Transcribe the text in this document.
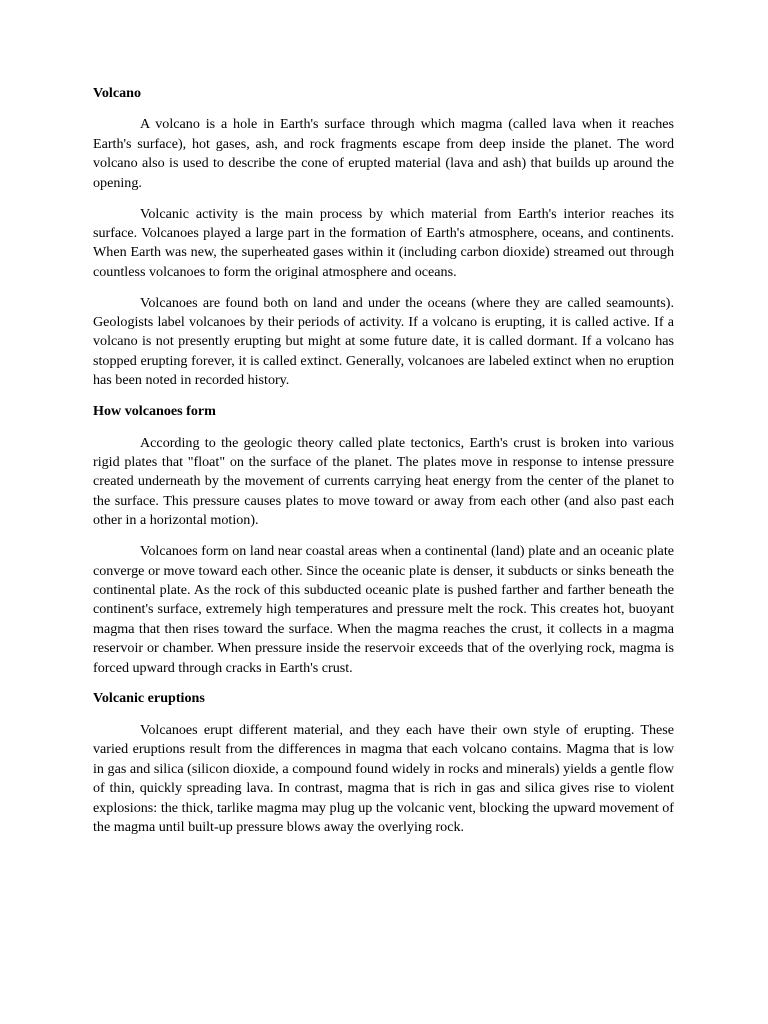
Volcano

A volcano is a hole in Earth's surface through which magma (called lava when it reaches Earth's surface), hot gases, ash, and rock fragments escape from deep inside the planet. The word volcano also is used to describe the cone of erupted material (lava and ash) that builds up around the opening.

Volcanic activity is the main process by which material from Earth's interior reaches its surface. Volcanoes played a large part in the formation of Earth's atmosphere, oceans, and continents. When Earth was new, the superheated gases within it (including carbon dioxide) streamed out through countless volcanoes to form the original atmosphere and oceans.

Volcanoes are found both on land and under the oceans (where they are called seamounts). Geologists label volcanoes by their periods of activity. If a volcano is erupting, it is called active. If a volcano is not presently erupting but might at some future date, it is called dormant. If a volcano has stopped erupting forever, it is called extinct. Generally, volcanoes are labeled extinct when no eruption has been noted in recorded history.

How volcanoes form

According to the geologic theory called plate tectonics, Earth's crust is broken into various rigid plates that "float" on the surface of the planet. The plates move in response to intense pressure created underneath by the movement of currents carrying heat energy from the center of the planet to the surface. This pressure causes plates to move toward or away from each other (and also past each other in a horizontal motion).

Volcanoes form on land near coastal areas when a continental (land) plate and an oceanic plate converge or move toward each other. Since the oceanic plate is denser, it subducts or sinks beneath the continental plate. As the rock of this subducted oceanic plate is pushed farther and farther beneath the continent's surface, extremely high temperatures and pressure melt the rock. This creates hot, buoyant magma that then rises toward the surface. When the magma reaches the crust, it collects in a magma reservoir or chamber. When pressure inside the reservoir exceeds that of the overlying rock, magma is forced upward through cracks in Earth's crust.

Volcanic eruptions

Volcanoes erupt different material, and they each have their own style of erupting. These varied eruptions result from the differences in magma that each volcano contains. Magma that is low in gas and silica (silicon dioxide, a compound found widely in rocks and minerals) yields a gentle flow of thin, quickly spreading lava. In contrast, magma that is rich in gas and silica gives rise to violent explosions: the thick, tarlike magma may plug up the volcanic vent, blocking the upward movement of the magma until built-up pressure blows away the overlying rock.
